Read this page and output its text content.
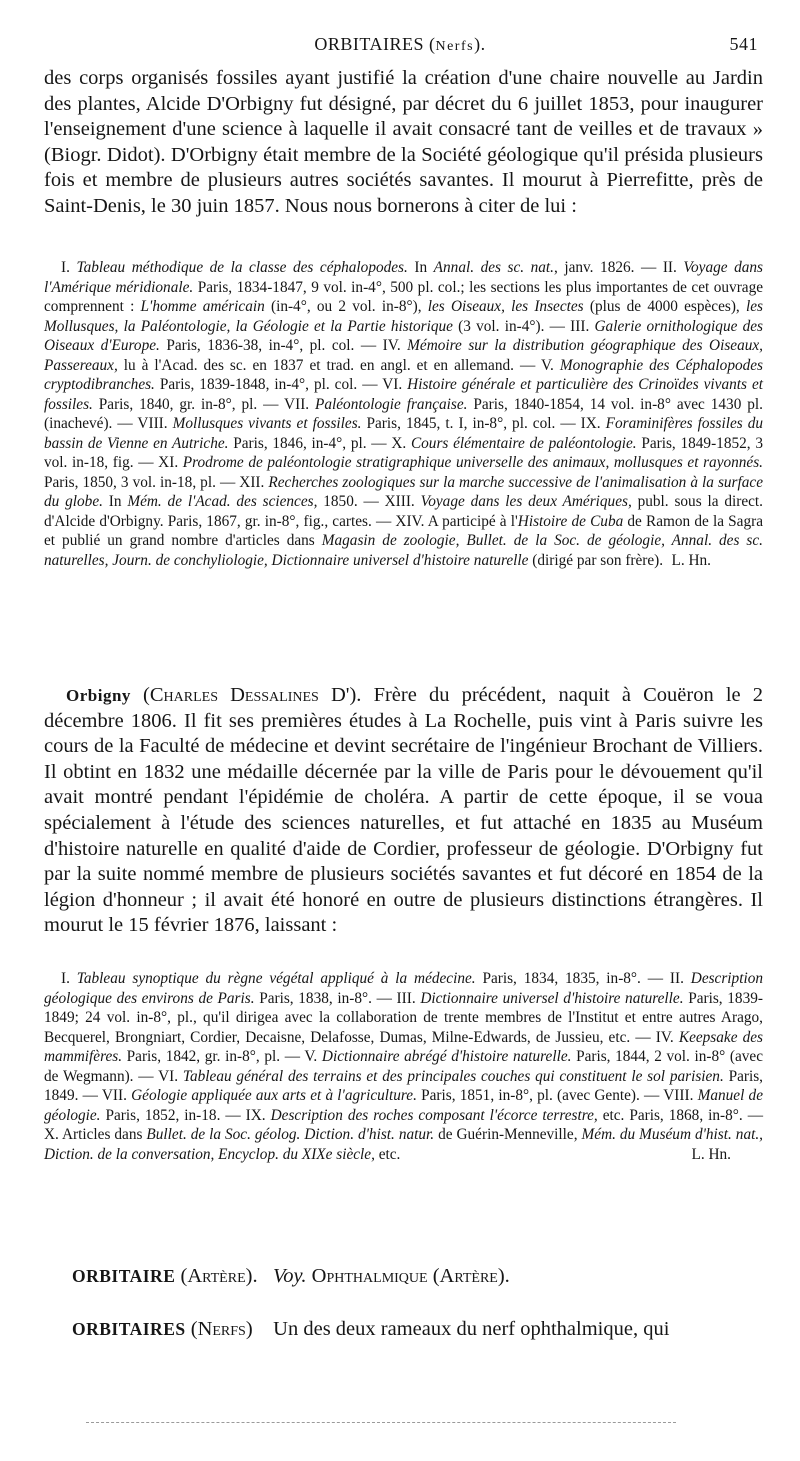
ORBITAIRES (Nerfs).	541

des corps organisés fossiles ayant justifié la création d'une chaire nouvelle au Jardin des plantes, Alcide D'Orbigny fut désigné, par décret du 6 juillet 1853, pour inaugurer l'enseignement d'une science à laquelle il avait consacré tant de veilles et de travaux » (Biogr. Didot). D'Orbigny était membre de la Société géologique qu'il présida plusieurs fois et membre de plusieurs autres sociétés savantes. Il mourut à Pierrefitte, près de Saint-Denis, le 30 juin 1857. Nous nous bornerons à citer de lui :

I. Tableau méthodique de la classe des céphalopodes. In Annal. des sc. nat., janv. 1826. — II. Voyage dans l'Amérique méridionale. Paris, 1834-1847, 9 vol. in-4°, 500 pl. col.; les sections les plus importantes de cet ouvrage comprennent : L'homme américain (in-4°, ou 2 vol. in-8°), les Oiseaux, les Insectes (plus de 4000 espèces), les Mollusques, la Paléontologie, la Géologie et la Partie historique (3 vol. in-4°). — III. Galerie ornithologique des Oiseaux d'Europe. Paris, 1836-38, in-4°, pl. col. — IV. Mémoire sur la distribution géographique des Oiseaux, Passereaux, lu à l'Acad. des sc. en 1837 et trad. en angl. et en allemand. — V. Monographie des Céphalopodes cryptodibranches. Paris, 1839-1848, in-4°, pl. col. — VI. Histoire générale et particulière des Crinoïdes vivants et fossiles. Paris, 1840, gr. in-8°, pl. — VII. Paléontologie française. Paris, 1840-1854, 14 vol. in-8° avec 1430 pl. (inachevé). — VIII. Mollusques vivants et fossiles. Paris, 1845, t. I, in-8°, pl. col. — IX. Foraminifères fossiles du bassin de Vienne en Autriche. Paris, 1846, in-4°, pl. — X. Cours élémentaire de paléontologie. Paris, 1849-1852, 3 vol. in-18, fig. — XI. Prodrome de paléontologie stratigraphique universelle des animaux, mollusques et rayonnés. Paris, 1850, 3 vol. in-18, pl. — XII. Recherches zoologiques sur la marche successive de l'animalisation à la surface du globe. In Mém. de l'Acad. des sciences, 1850. — XIII. Voyage dans les deux Amériques, publ. sous la direct. d'Alcide d'Orbigny. Paris, 1867, gr. in-8°, fig., cartes. — XIV. A participé à l'Histoire de Cuba de Ramon de la Sagra et publié un grand nombre d'articles dans Magasin de zoologie, Bullet. de la Soc. de géologie, Annal. des sc. naturelles, Journ. de conchyliologie, Dictionnaire universel d'histoire naturelle (dirigé par son frère). L. Hn.

Orbigny (Charles Dessalines D'). Frère du précédent, naquit à Couëron le 2 décembre 1806. Il fit ses premières études à La Rochelle, puis vint à Paris suivre les cours de la Faculté de médecine et devint secrétaire de l'ingénieur Brochant de Villiers. Il obtint en 1832 une médaille décernée par la ville de Paris pour le dévouement qu'il avait montré pendant l'épidémie de choléra. A partir de cette époque, il se voua spécialement à l'étude des sciences naturelles, et fut attaché en 1835 au Muséum d'histoire naturelle en qualité d'aide de Cordier, professeur de géologie. D'Orbigny fut par la suite nommé membre de plusieurs sociétés savantes et fut décoré en 1854 de la légion d'honneur ; il avait été honoré en outre de plusieurs distinctions étrangères. Il mourut le 15 février 1876, laissant :

I. Tableau synoptique du règne végétal appliqué à la médecine. Paris, 1834, 1835, in-8°. — II. Description géologique des environs de Paris. Paris, 1838, in-8°. — III. Dictionnaire universel d'histoire naturelle. Paris, 1839-1849; 24 vol. in-8°, pl., qu'il dirigea avec la collaboration de trente membres de l'Institut et entre autres Arago, Becquerel, Brongniart, Cordier, Decaisne, Delafosse, Dumas, Milne-Edwards, de Jussieu, etc. — IV. Keepsake des mammifères. Paris, 1842, gr. in-8°, pl. — V. Dictionnaire abrégé d'histoire naturelle. Paris, 1844, 2 vol. in-8° (avec de Wegmann). — VI. Tableau général des terrains et des principales couches qui constituent le sol parisien. Paris, 1849. — VII. Géologie appliquée aux arts et à l'agriculture. Paris, 1851, in-8°, pl. (avec Gente). — VIII. Manuel de géologie. Paris, 1852, in-18. — IX. Description des roches composant l'écorce terrestre, etc. Paris, 1868, in-8°. — X. Articles dans Bullet. de la Soc. géolog. Diction. d'hist. natur. de Guérin-Menneville, Mém. du Muséum d'hist. nat., Diction. de la conversation, Encyclop. du XIXe siècle, etc.	L. Hn.

ORBITAIRE (Artère). Voy. Ophthalmique (Artère).
ORBITAIRES (Nerfs) Un des deux rameaux du nerf ophthalmique, qui
